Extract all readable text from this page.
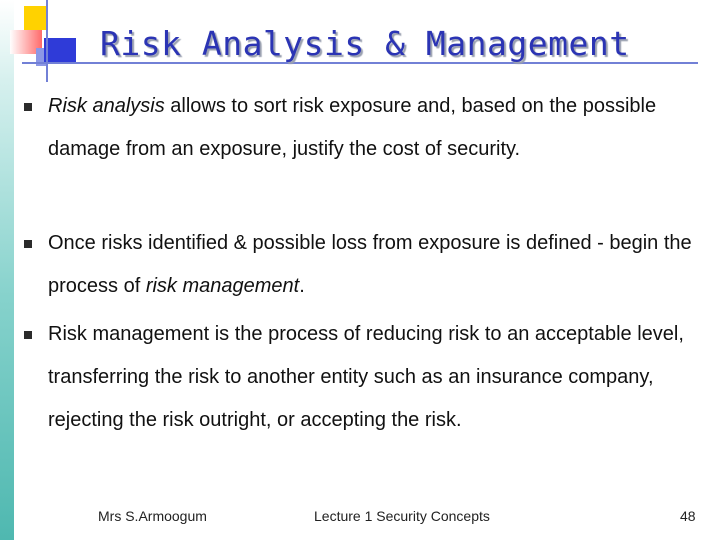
Risk Analysis & Management

Risk analysis allows to sort risk exposure and, based on the possible damage from an exposure, justify the cost of security.

Once risks identified & possible loss from exposure is defined - begin the process of risk management.

Risk management is the process of reducing risk to an acceptable level, transferring the risk to another entity such as an insurance company, rejecting the risk outright, or accepting the risk.

Mrs S.Armoogum	Lecture 1 Security Concepts	48
